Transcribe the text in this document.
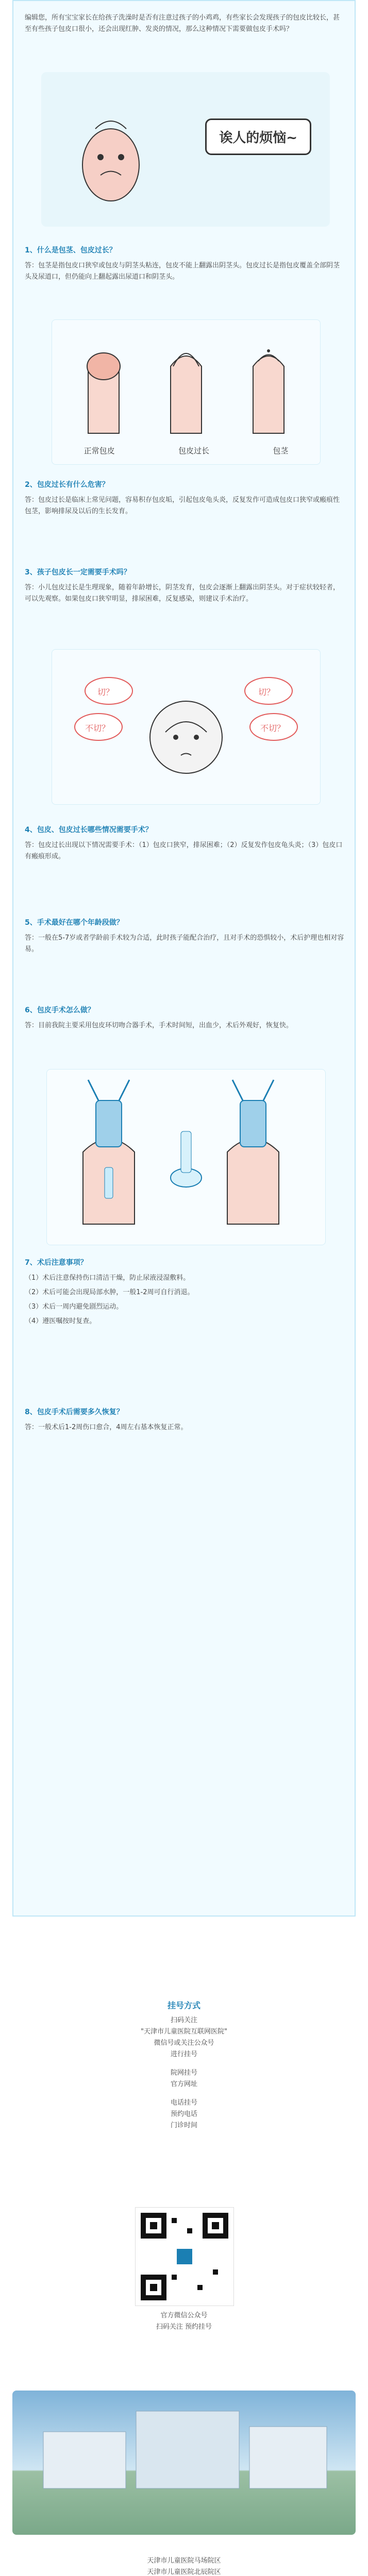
编辑您，所有宝宝家长在给孩子洗澡时是否有注意过孩子的小鸡鸡，有些家长会发现孩子的包皮比较长，甚至有些孩子包皮口很小，还会出现红肿、发炎的情况，那么这种情况下需要做包皮手术吗？
诶人的烦恼~
1、什么是包茎、包皮过长？
答：包茎是指包皮口狭窄或包皮与阴茎头粘连，包皮不能上翻露出阴茎头。包皮过长是指包皮覆盖全部阴茎头及尿道口，但仍能向上翻起露出尿道口和阴茎头。
正常包皮	包皮过长	包茎
2、包皮过长有什么危害？
答：包皮过长是临床上常见问题，容易积存包皮垢，引起包皮龟头炎，反复发作可造成包皮口狭窄或瘢痕性包茎，影响排尿及以后的生长发育。
3、孩子包皮长一定需要手术吗？
答：小儿包皮过长是生理现象，随着年龄增长，阴茎发育，包皮会逐渐上翻露出阴茎头。对于症状较轻者，可以先观察。如果包皮口狭窄明显，排尿困难，反复感染，则建议手术治疗。
切？
不切？
切？
不切？
4、包皮、包皮过长哪些情况需要手术？
答：包皮过长出现以下情况需要手术：（1）包皮口狭窄，排尿困难；（2）反复发作包皮龟头炎；（3）包皮口有瘢痕形成。
5、手术最好在哪个年龄段做？
答：一般在5-7岁或者学龄前手术较为合适，此时孩子能配合治疗，且对手术的恐惧较小，术后护理也相对容易。
6、包皮手术怎么做？
答：目前我院主要采用包皮环切吻合器手术，手术时间短，出血少，术后外观好，恢复快。
7、术后注意事项？
（1）术后注意保持伤口清洁干燥，防止尿液浸湿敷料。
（2）术后可能会出现局部水肿，一般1-2周可自行消退。
（3）术后一周内避免剧烈运动。
（4）遵医嘱按时复查。
8、包皮手术后需要多久恢复？
答：一般术后1-2周伤口愈合，4周左右基本恢复正常。
挂号方式
扫码关注
"天津市儿童医院互联网医院"
微信号或关注公众号
进行挂号
院网挂号
官方网址
电话挂号
预约电话
门诊时间
官方微信公众号
扫码关注 预约挂号
天津市儿童医院马场院区
天津市儿童医院北辰院区
